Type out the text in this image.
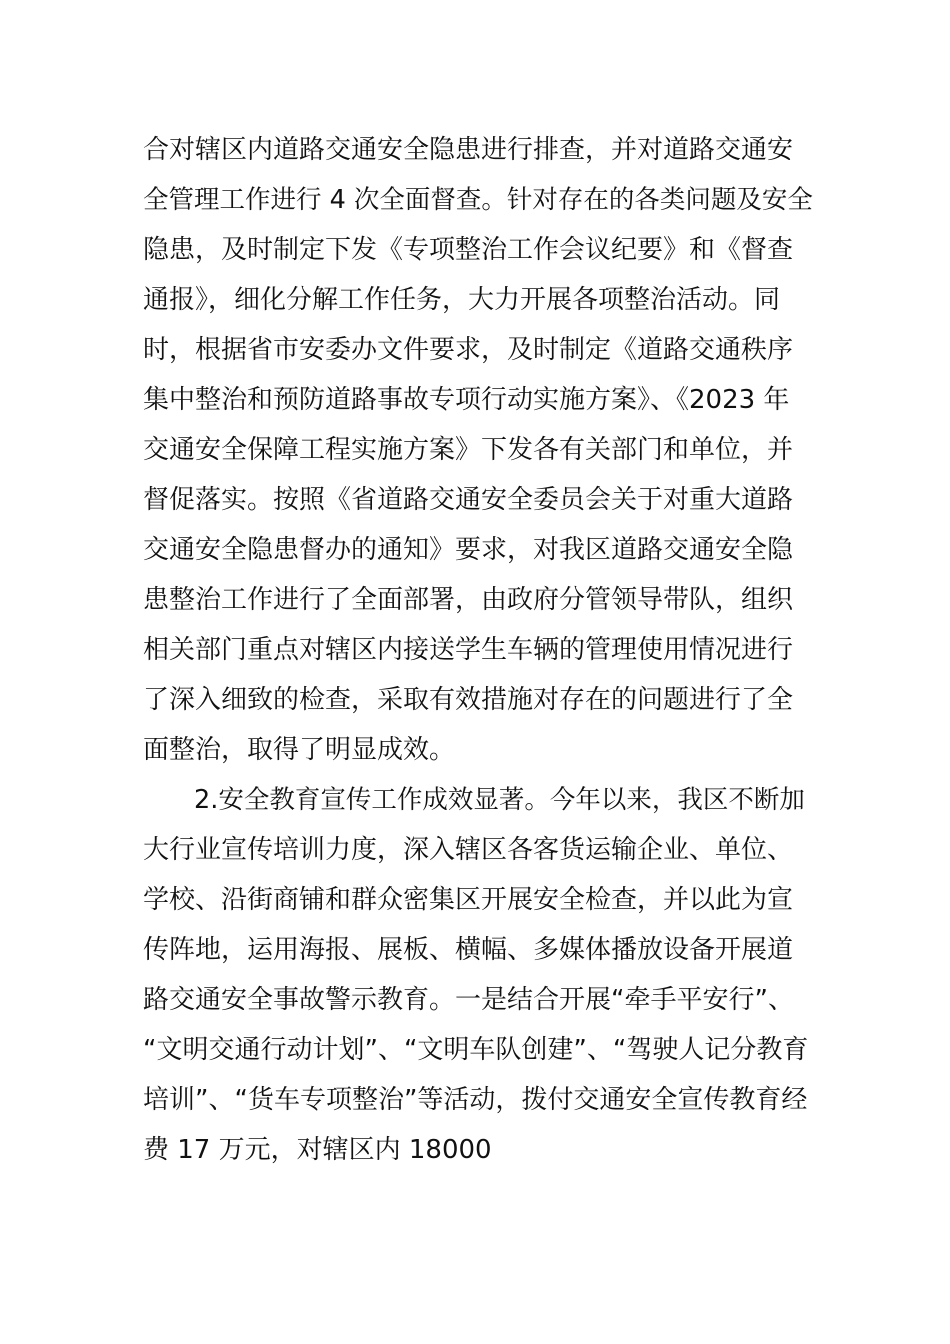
合对辖区内道路交通安全隐患进行排查，并对道路交通安
全管理工作进行 4 次全面督查。针对存在的各类问题及安全
隐患，及时制定下发《专项整治工作会议纪要》和《督查
通报》，细化分解工作任务，大力开展各项整治活动。同
时，根据省市安委办文件要求，及时制定《道路交通秩序
集中整治和预防道路事故专项行动实施方案》、《2023 年
交通安全保障工程实施方案》下发各有关部门和单位，并
督促落实。按照《省道路交通安全委员会关于对重大道路
交通安全隐患督办的通知》要求，对我区道路交通安全隐
患整治工作进行了全面部署，由政府分管领导带队，组织
相关部门重点对辖区内接送学生车辆的管理使用情况进行
了深入细致的检查，采取有效措施对存在的问题进行了全
面整治，取得了明显成效。
　　2.安全教育宣传工作成效显著。今年以来，我区不断加
大行业宣传培训力度，深入辖区各客货运输企业、单位、
学校、沿街商铺和群众密集区开展安全检查，并以此为宣
传阵地，运用海报、展板、横幅、多媒体播放设备开展道
路交通安全事故警示教育。一是结合开展“牵手平安行”、
“文明交通行动计划”、“文明车队创建”、“驾驶人记分教育
培训”、“货车专项整治”等活动，拨付交通安全宣传教育经
费 17 万元，对辖区内 18000
